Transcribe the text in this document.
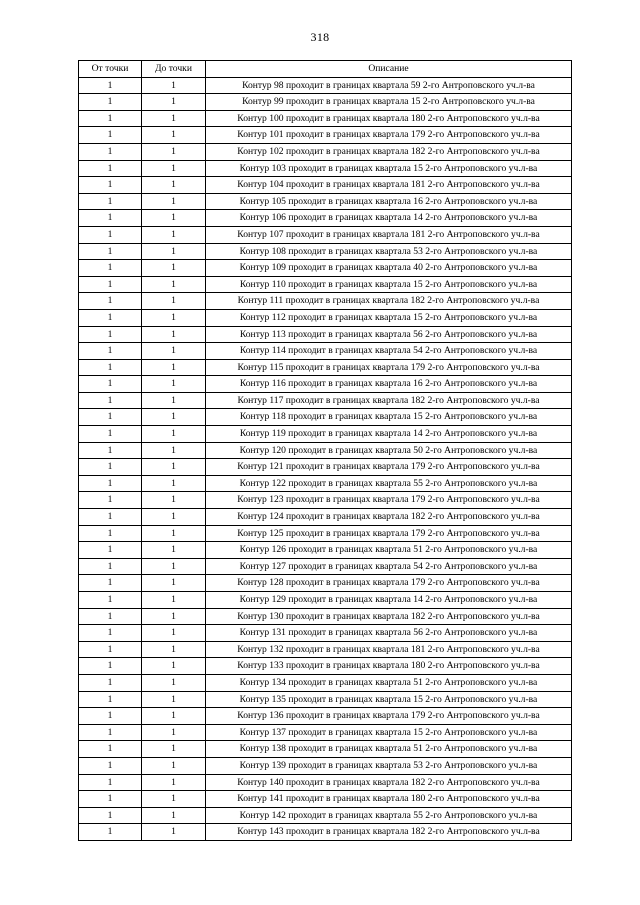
318
От точки	До точки	Описание
1	1	Контур 98 проходит в границах квартала 59 2-го Антроповского уч.л-ва
1	1	Контур 99 проходит в границах квартала 15 2-го Антроповского уч.л-ва
1	1	Контур 100 проходит в границах квартала 180 2-го Антроповского уч.л-ва
1	1	Контур 101 проходит в границах квартала 179 2-го Антроповского уч.л-ва
1	1	Контур 102 проходит в границах квартала 182 2-го Антроповского уч.л-ва
1	1	Контур 103 проходит в границах квартала 15 2-го Антроповского уч.л-ва
1	1	Контур 104 проходит в границах квартала 181 2-го Антроповского уч.л-ва
1	1	Контур 105 проходит в границах квартала 16 2-го Антроповского уч.л-ва
1	1	Контур 106 проходит в границах квартала 14 2-го Антроповского уч.л-ва
1	1	Контур 107 проходит в границах квартала 181 2-го Антроповского уч.л-ва
1	1	Контур 108 проходит в границах квартала 53 2-го Антроповского уч.л-ва
1	1	Контур 109 проходит в границах квартала 40 2-го Антроповского уч.л-ва
1	1	Контур 110 проходит в границах квартала 15 2-го Антроповского уч.л-ва
1	1	Контур 111 проходит в границах квартала 182 2-го Антроповского уч.л-ва
1	1	Контур 112 проходит в границах квартала 15 2-го Антроповского уч.л-ва
1	1	Контур 113 проходит в границах квартала 56 2-го Антроповского уч.л-ва
1	1	Контур 114 проходит в границах квартала 54 2-го Антроповского уч.л-ва
1	1	Контур 115 проходит в границах квартала 179 2-го Антроповского уч.л-ва
1	1	Контур 116 проходит в границах квартала 16 2-го Антроповского уч.л-ва
1	1	Контур 117 проходит в границах квартала 182 2-го Антроповского уч.л-ва
1	1	Контур 118 проходит в границах квартала 15 2-го Антроповского уч.л-ва
1	1	Контур 119 проходит в границах квартала 14 2-го Антроповского уч.л-ва
1	1	Контур 120 проходит в границах квартала 50 2-го Антроповского уч.л-ва
1	1	Контур 121 проходит в границах квартала 179 2-го Антроповского уч.л-ва
1	1	Контур 122 проходит в границах квартала 55 2-го Антроповского уч.л-ва
1	1	Контур 123 проходит в границах квартала 179 2-го Антроповского уч.л-ва
1	1	Контур 124 проходит в границах квартала 182 2-го Антроповского уч.л-ва
1	1	Контур 125 проходит в границах квартала 179 2-го Антроповского уч.л-ва
1	1	Контур 126 проходит в границах квартала 51 2-го Антроповского уч.л-ва
1	1	Контур 127 проходит в границах квартала 54 2-го Антроповского уч.л-ва
1	1	Контур 128 проходит в границах квартала 179 2-го Антроповского уч.л-ва
1	1	Контур 129 проходит в границах квартала 14 2-го Антроповского уч.л-ва
1	1	Контур 130 проходит в границах квартала 182 2-го Антроповского уч.л-ва
1	1	Контур 131 проходит в границах квартала 56 2-го Антроповского уч.л-ва
1	1	Контур 132 проходит в границах квартала 181 2-го Антроповского уч.л-ва
1	1	Контур 133 проходит в границах квартала 180 2-го Антроповского уч.л-ва
1	1	Контур 134 проходит в границах квартала 51 2-го Антроповского уч.л-ва
1	1	Контур 135 проходит в границах квартала 15 2-го Антроповского уч.л-ва
1	1	Контур 136 проходит в границах квартала 179 2-го Антроповского уч.л-ва
1	1	Контур 137 проходит в границах квартала 15 2-го Антроповского уч.л-ва
1	1	Контур 138 проходит в границах квартала 51 2-го Антроповского уч.л-ва
1	1	Контур 139 проходит в границах квартала 53 2-го Антроповского уч.л-ва
1	1	Контур 140 проходит в границах квартала 182 2-го Антроповского уч.л-ва
1	1	Контур 141 проходит в границах квартала 180 2-го Антроповского уч.л-ва
1	1	Контур 142 проходит в границах квартала 55 2-го Антроповского уч.л-ва
1	1	Контур 143 проходит в границах квартала 182 2-го Антроповского уч.л-ва
